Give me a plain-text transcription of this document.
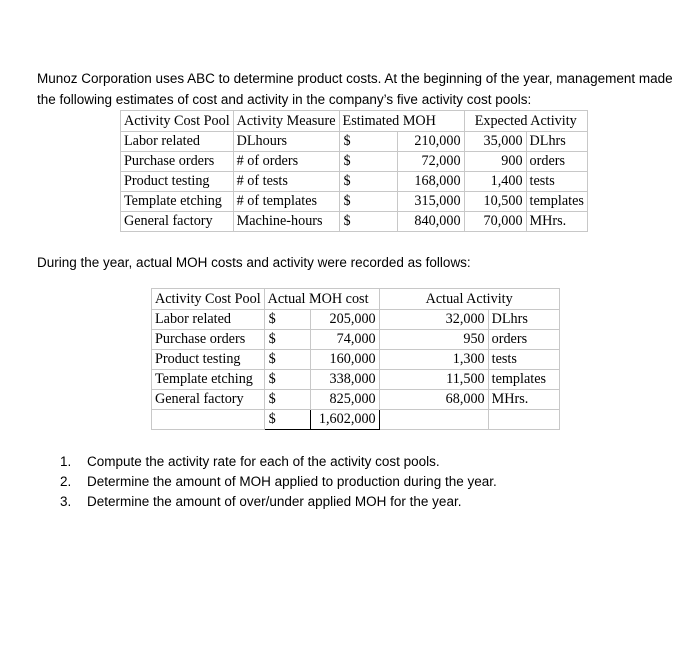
Munoz Corporation uses ABC to determine product costs. At the beginning of the year, management made the following estimates of cost and activity in the company’s five activity cost pools:

Activity Cost Pool	Activity Measure	Estimated MOH		Expected Activity	
Labor related	DLhours	$	210,000	35,000	DLhrs
Purchase orders	# of orders	$	72,000	900	orders
Product testing	# of tests	$	168,000	1,400	tests
Template etching	# of templates	$	315,000	10,500	templates
General factory	Machine-hours	$	840,000	70,000	MHrs.
During the year, actual MOH costs and activity were recorded as follows:
Activity Cost Pool	Actual MOH cost		Actual Activity	
Labor related	$	205,000	32,000	DLhrs
Purchase orders	$	74,000	950	orders
Product testing	$	160,000	1,300	tests
Template etching	$	338,000	11,500	templates
General factory	$	825,000	68,000	MHrs.
	$	1,602,000		
1.	Compute the activity rate for each of the activity cost pools.
2.	Determine the amount of MOH applied to production during the year.
3.	Determine the amount of over/under applied MOH for the year.
